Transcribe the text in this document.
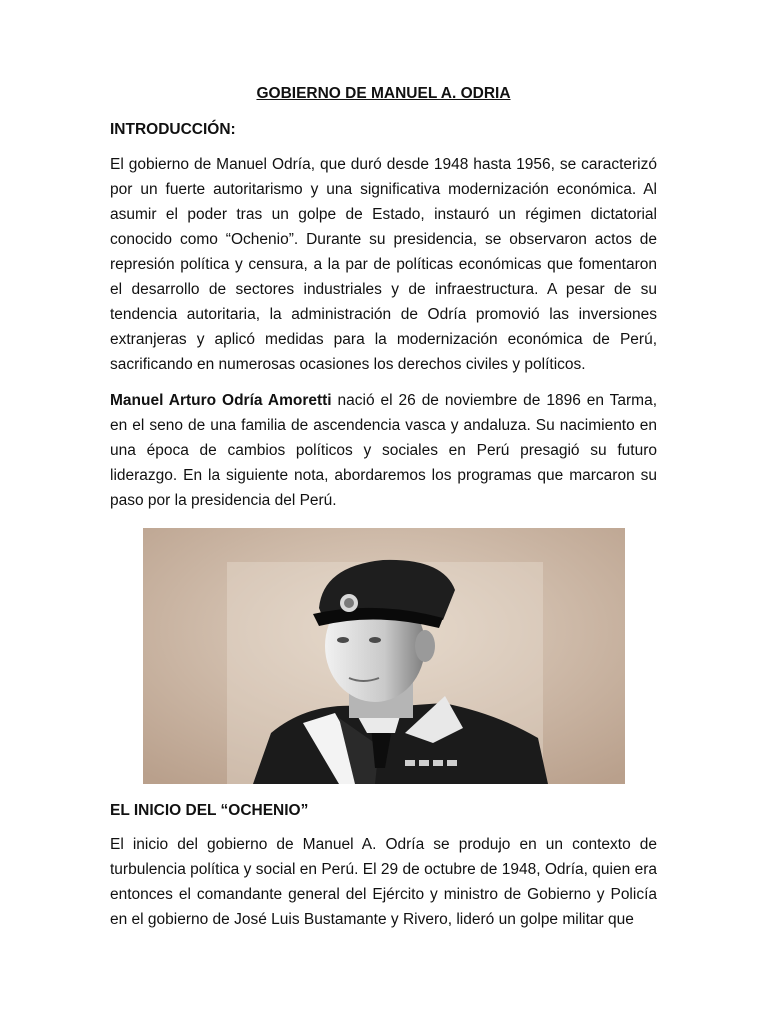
GOBIERNO DE MANUEL A. ODRIA
INTRODUCCIÓN:

El gobierno de Manuel Odría, que duró desde 1948 hasta 1956, se caracterizó por un fuerte autoritarismo y una significativa modernización económica. Al asumir el poder tras un golpe de Estado, instauró un régimen dictatorial conocido como “Ochenio”. Durante su presidencia, se observaron actos de represión política y censura, a la par de políticas económicas que fomentaron el desarrollo de sectores industriales y de infraestructura. A pesar de su tendencia autoritaria, la administración de Odría promovió las inversiones extranjeras y aplicó medidas para la modernización económica de Perú, sacrificando en numerosas ocasiones los derechos civiles y políticos.

Manuel Arturo Odría Amoretti nació el 26 de noviembre de 1896 en Tarma, en el seno de una familia de ascendencia vasca y andaluza. Su nacimiento en una época de cambios políticos y sociales en Perú presagió su futuro liderazgo. En la siguiente nota, abordaremos los programas que marcaron su paso por la presidencia del Perú.

EL INICIO DEL “OCHENIO”

El inicio del gobierno de Manuel A. Odría se produjo en un contexto de turbulencia política y social en Perú. El 29 de octubre de 1948, Odría, quien era entonces el comandante general del Ejército y ministro de Gobierno y Policía en el gobierno de José Luis Bustamante y Rivero, lideró un golpe militar que
